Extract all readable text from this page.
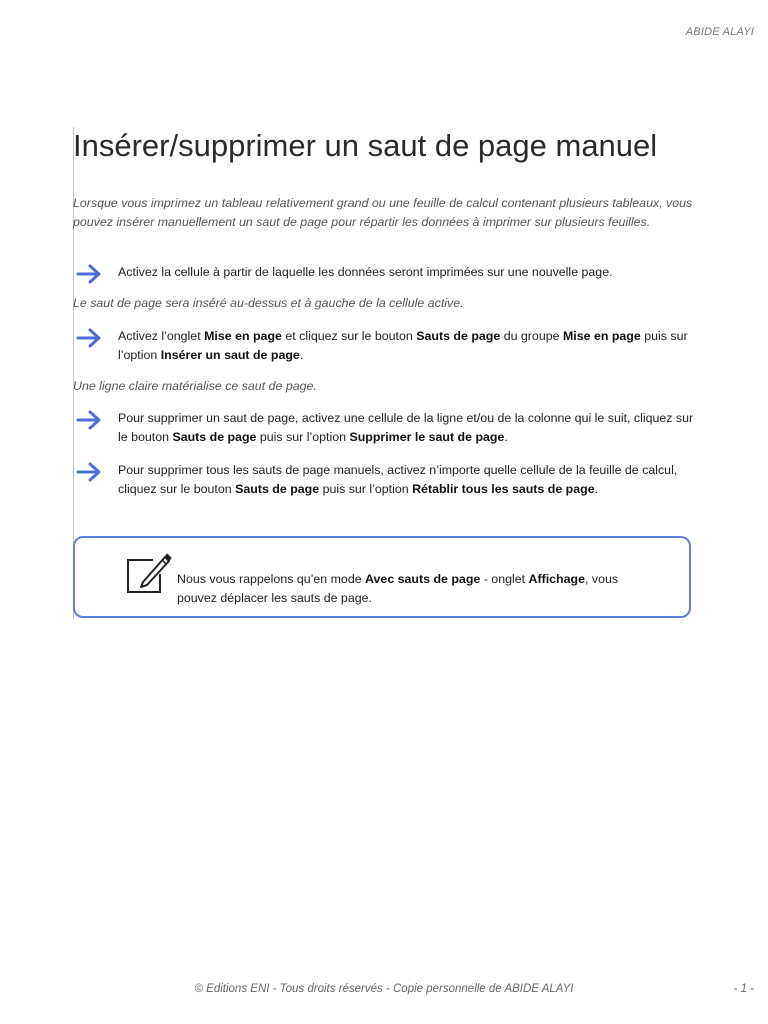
ABIDE ALAYI
Insérer/supprimer un saut de page manuel
Lorsque vous imprimez un tableau relativement grand ou une feuille de calcul contenant plusieurs tableaux, vous pouvez insérer manuellement un saut de page pour répartir les données à imprimer sur plusieurs feuilles.
Activez la cellule à partir de laquelle les données seront imprimées sur une nouvelle page.
Le saut de page sera inséré au-dessus et à gauche de la cellule active.
Activez l’onglet Mise en page et cliquez sur le bouton Sauts de page du groupe Mise en page puis sur l’option Insérer un saut de page.
Une ligne claire matérialise ce saut de page.
Pour supprimer un saut de page, activez une cellule de la ligne et/ou de la colonne qui le suit, cliquez sur le bouton Sauts de page puis sur l’option Supprimer le saut de page.
Pour supprimer tous les sauts de page manuels, activez n’importe quelle cellule de la feuille de calcul, cliquez sur le bouton Sauts de page puis sur l’option Rétablir tous les sauts de page.
Nous vous rappelons qu’en mode Avec sauts de page - onglet Affichage, vous pouvez déplacer les sauts de page.
© Editions ENI - Tous droits réservés - Copie personnelle de ABIDE ALAYI	- 1 -
